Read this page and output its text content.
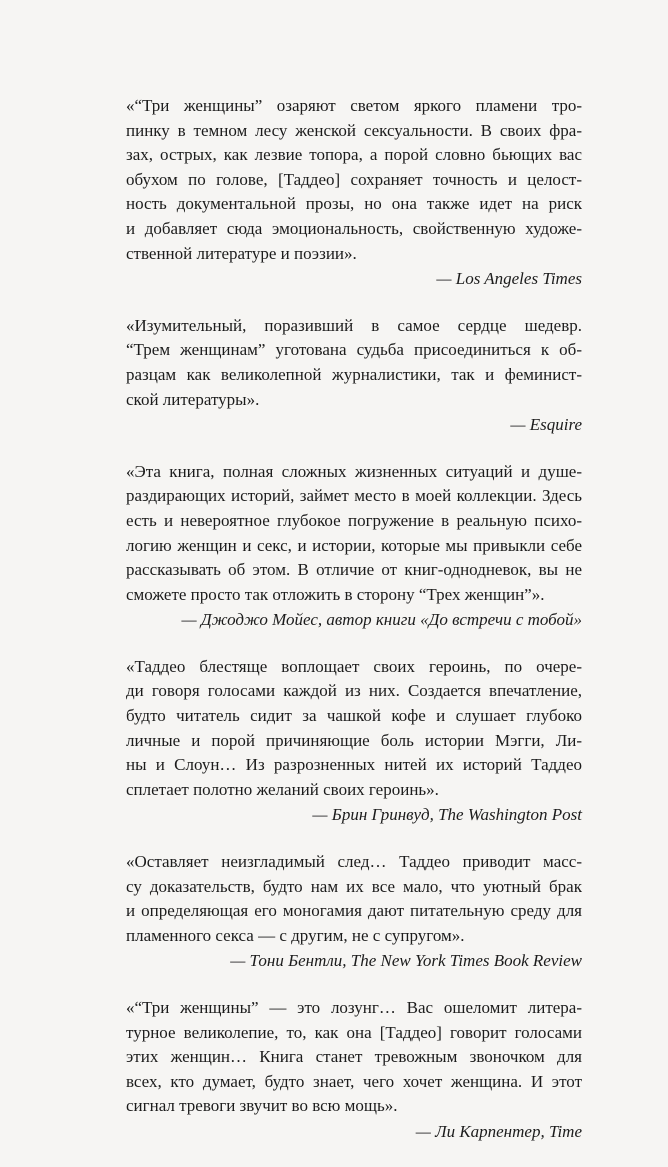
«“Три женщины” озаряют светом яркого пламени тро-
пинку в темном лесу женской сексуальности. В своих фра-
зах, острых, как лезвие топора, а порой словно бьющих вас
обухом по голове, [Таддео] сохраняет точность и целост-
ность документальной прозы, но она также идет на риск
и добавляет сюда эмоциональность, свойственную художе-
ственной литературе и поэзии».
— Los Angeles Times
«Изумительный, поразивший в самое сердце шедевр.
“Трем женщинам” уготована судьба присоединиться к об-
разцам как великолепной журналистики, так и феминист-
ской литературы».
— Esquire
«Эта книга, полная сложных жизненных ситуаций и душе-
раздирающих историй, займет место в моей коллекции. Здесь
есть и невероятное глубокое погружение в реальную психо-
логию женщин и секс, и истории, которые мы привыкли себе
рассказывать об этом. В отличие от книг-однодневок, вы не
сможете просто так отложить в сторону “Трех женщин”».
— Джоджо Мойес, автор книги «До встречи с тобой»
«Таддео блестяще воплощает своих героинь, по очере-
ди говоря голосами каждой из них. Создается впечатление,
будто читатель сидит за чашкой кофе и слушает глубоко
личные и порой причиняющие боль истории Мэгги, Ли-
ны и Слоун… Из разрозненных нитей их историй Таддео
сплетает полотно желаний своих героинь».
— Брин Гринвуд, The Washington Post
«Оставляет неизгладимый след… Таддео приводит масс-
су доказательств, будто нам их все мало, что уютный брак
и определяющая его моногамия дают питательную среду для
пламенного секса — с другим, не с супругом».
— Тони Бентли, The New York Times Book Review
«“Три женщины” — это лозунг… Вас ошеломит литера-
турное великолепие, то, как она [Таддео] говорит голосами
этих женщин… Книга станет тревожным звоночком для
всех, кто думает, будто знает, чего хочет женщина. И этот
сигнал тревоги звучит во всю мощь».
— Ли Карпентер, Time
